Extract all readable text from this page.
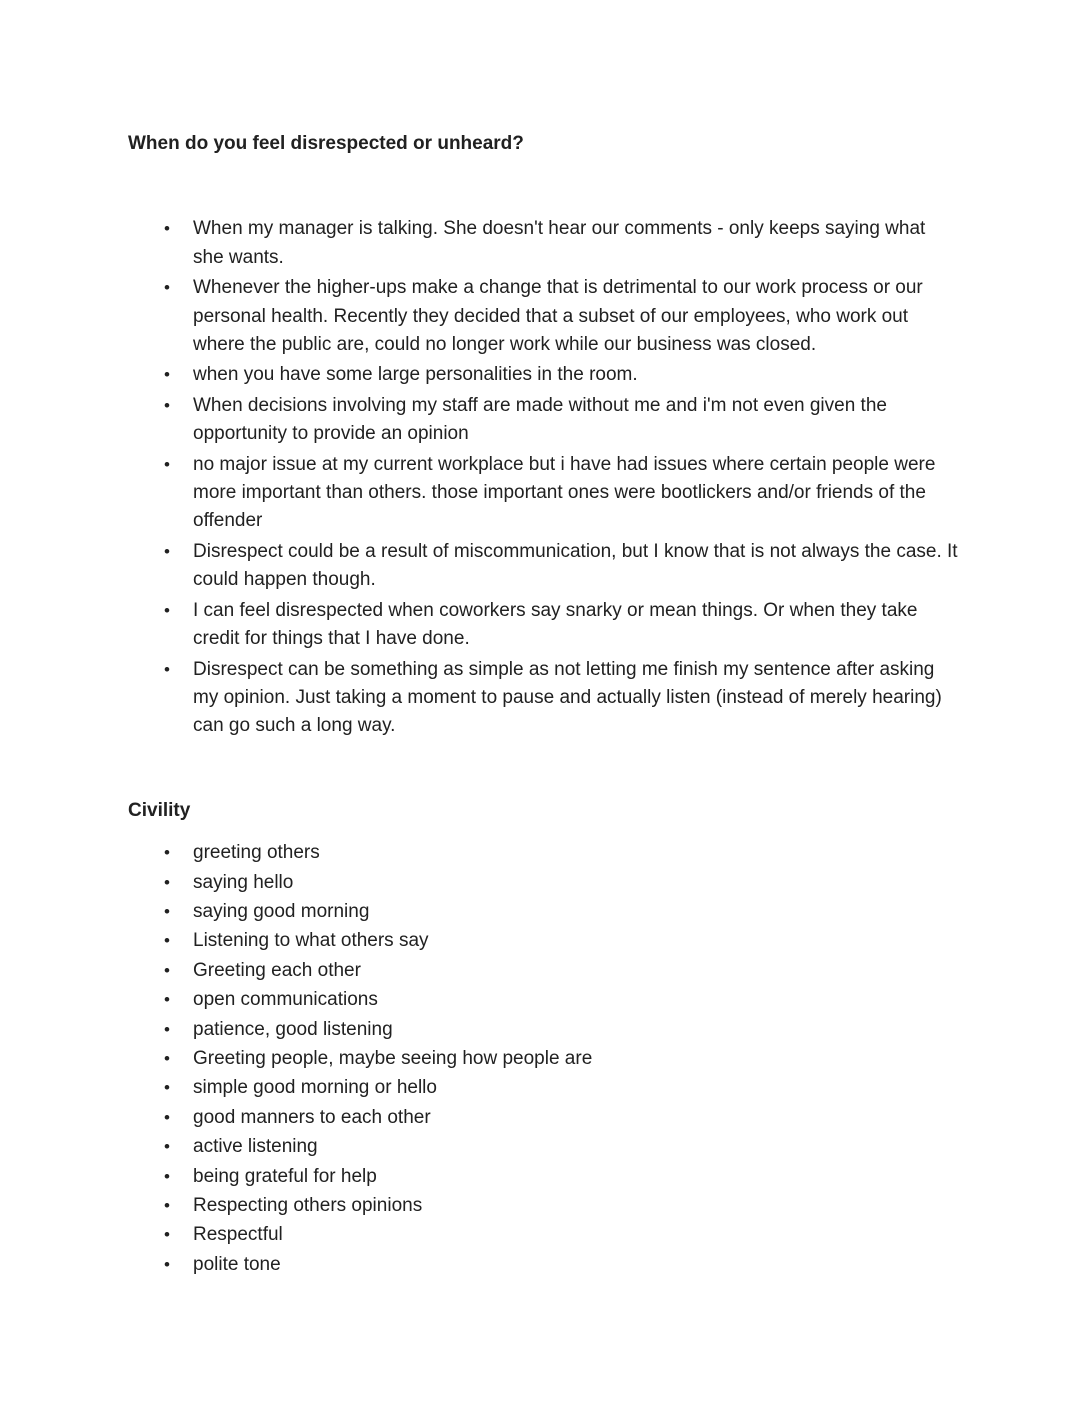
When do you feel disrespected or unheard?
•
When my manager is talking. She doesn't hear our comments - only keeps saying what she wants.
•
Whenever the higher-ups make a change that is detrimental to our work process or our personal health. Recently they decided that a subset of our employees, who work out where the public are, could no longer work while our business was closed.
•
when you have some large personalities in the room.
•
When decisions involving my staff are made without me and i'm not even given the opportunity to provide an opinion
•
no major issue at my current workplace but i have had issues where certain people were more important than others. those important ones were bootlickers and/or friends of the offender
•
Disrespect could be a result of miscommunication, but I know that is not always the case. It could happen though.
•
I can feel disrespected when coworkers say snarky or mean things. Or when they take credit for things that I have done.
•
Disrespect can be something as simple as not letting me finish my sentence after asking my opinion. Just taking a moment to pause and actually listen (instead of merely hearing) can go such a long way.
Civility
•
greeting others
•
saying hello
•
saying good morning
•
Listening to what others say
•
Greeting each other
•
open communications
•
patience, good listening
•
Greeting people, maybe seeing how people are
•
simple good morning or hello
•
good manners to each other
•
active listening
•
being grateful for help
•
Respecting others opinions
•
Respectful
•
polite tone
